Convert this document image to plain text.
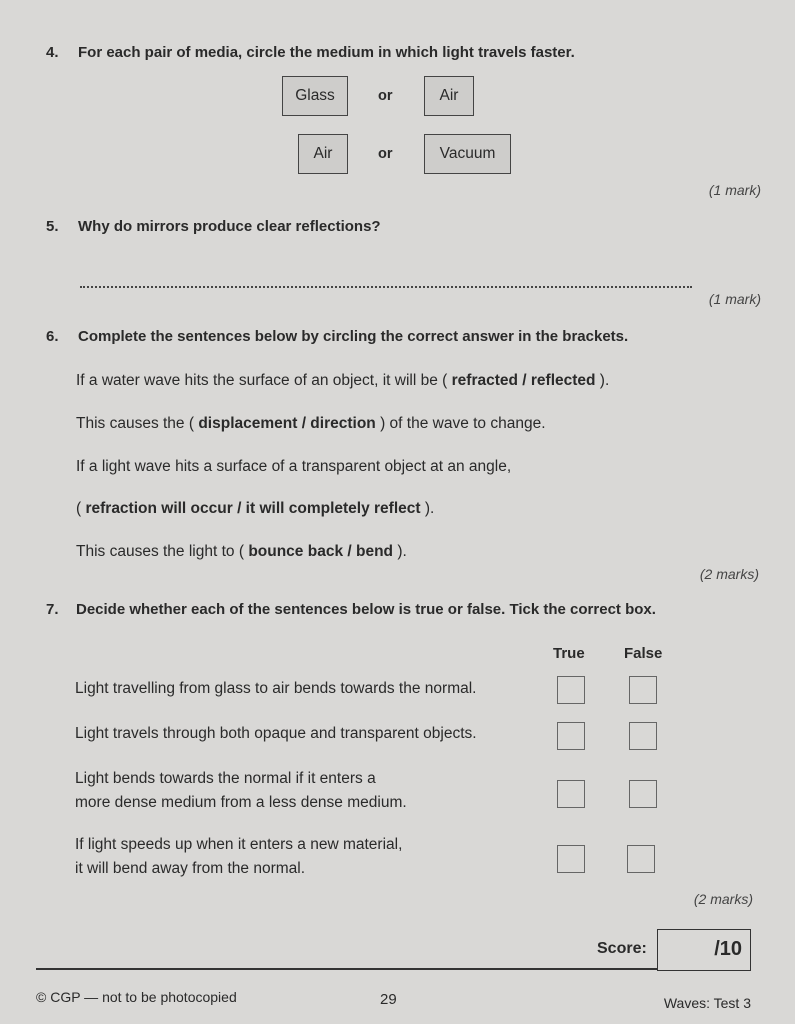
4. For each pair of media, circle the medium in which light travels faster.
Glass	or	Air
Air	or	Vacuum
(1 mark)
5. Why do mirrors produce clear reflections?
(1 mark)
6. Complete the sentences below by circling the correct answer in the brackets.
If a water wave hits the surface of an object, it will be ( refracted / reflected ).
This causes the ( displacement / direction ) of the wave to change.
If a light wave hits a surface of a transparent object at an angle,
( refraction will occur / it will completely reflect ).
This causes the light to ( bounce back / bend ).
(2 marks)
7. Decide whether each of the sentences below is true or false. Tick the correct box.
True	False
Light travelling from glass to air bends towards the normal.
Light travels through both opaque and transparent objects.
Light bends towards the normal if it enters a
more dense medium from a less dense medium.
If light speeds up when it enters a new material,
it will bend away from the normal.
(2 marks)
Score:	/10
© CGP — not to be photocopied	29	Waves: Test 3
